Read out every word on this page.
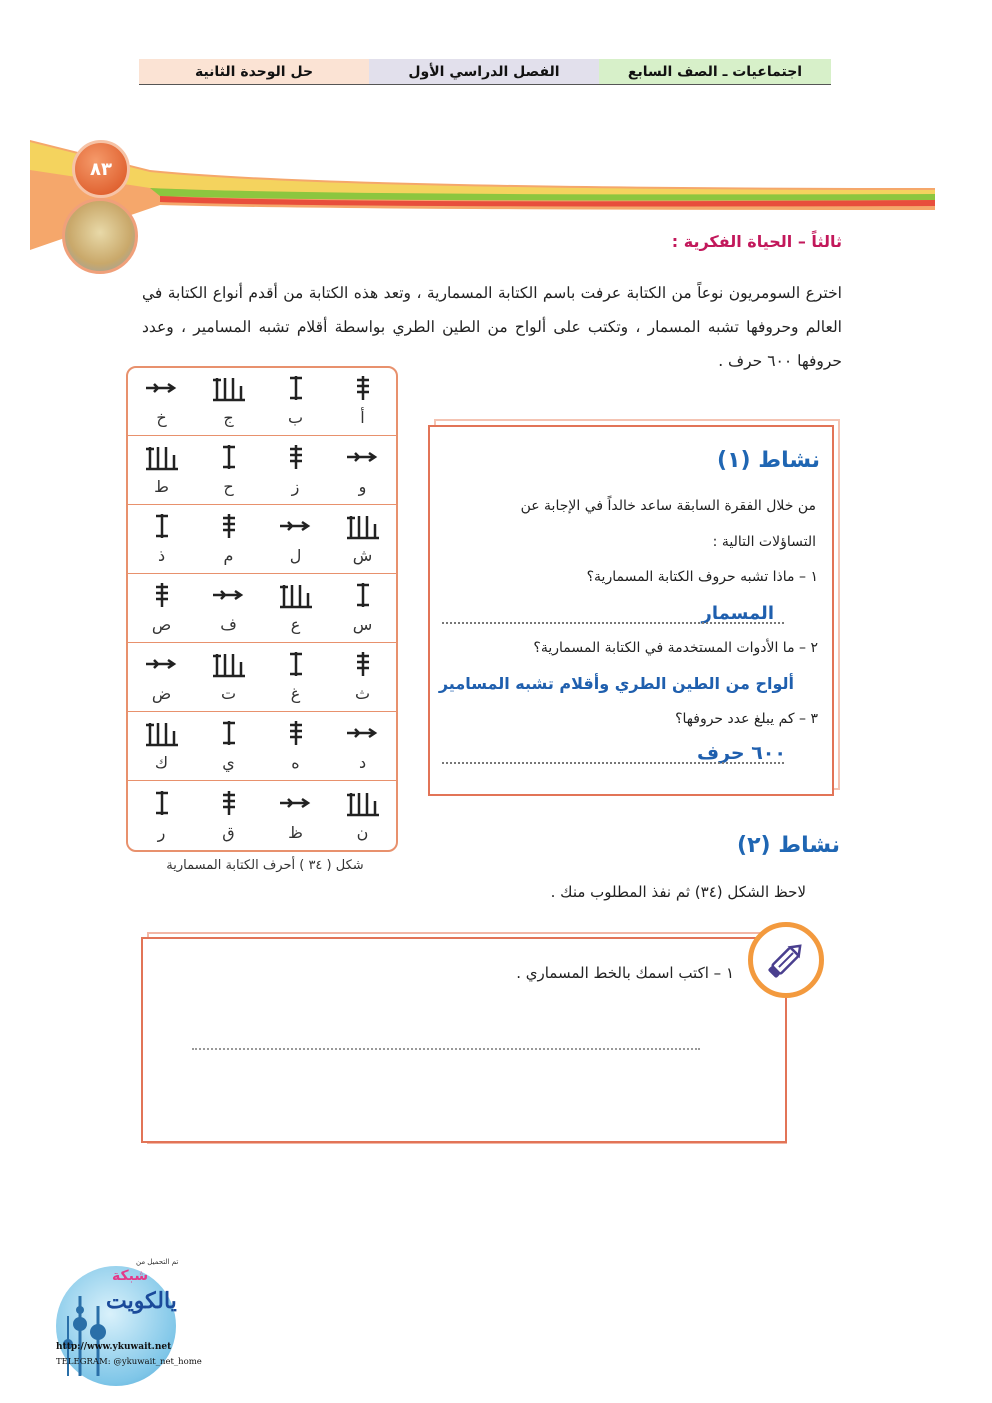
حل الوحدة الثانية	الفصل الدراسي الأول	اجتماعيات ـ الصف السابع
٨٣
ثالثاً – الحياة الفكرية :
اخترع السومريون نوعاً من الكتابة عرفت باسم الكتابة المسمارية ، وتعد هذه الكتابة من أقدم أنواع الكتابة في العالم وحروفها تشبه المسمار ، وتكتب على ألواح من الطين الطري بواسطة أقلام تشبه المسامير ، وعدد حروفها ٦٠٠ حرف .
خ	ج	ب	أ
ط	ح	ز	و
ذ	م	ل	ش
ص	ف	ع	س
ض	ت	غ	ث
ك	ي	ه	د
ر	ق	ظ	ن
شكل ( ٣٤ ) أحرف الكتابة المسمارية
نشاط (١)
من خلال الفقرة السابقة ساعد خالداً في الإجابة عن
التساؤلات التالية :
١ – ماذا تشبه حروف الكتابة المسمارية؟
المسمار
٢ – ما الأدوات المستخدمة في الكتابة المسمارية؟
ألواح من الطين الطري وأقلام تشبه المسامير
٣ – كم يبلغ عدد حروفها؟
٦٠٠ حرف
نشاط (٢)
لاحظ الشكل (٣٤) ثم نفذ المطلوب منك .
١ – اكتب اسمك بالخط المسماري .
تم التحميل من
شبكة
يالكويت
http://www.ykuwait.net
TELEGRAM: @ykuwait_net_home
